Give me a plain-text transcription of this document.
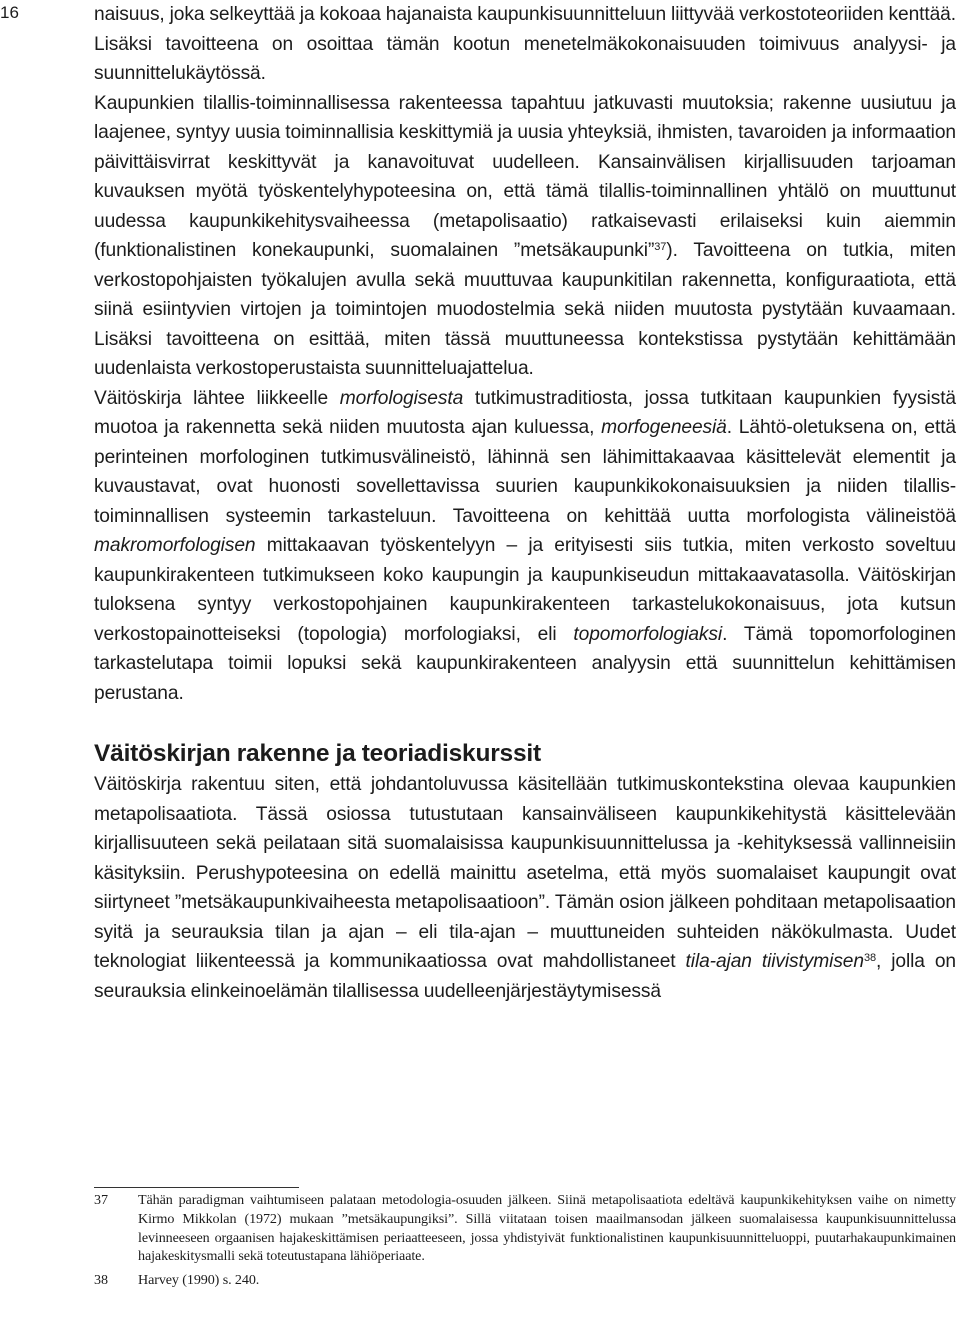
16	naisuus, joka selkeyttää ja kokoaa hajanaista kaupunkisuunnitteluun liittyvää verkostoteoriiden kenttää. Lisäksi tavoitteena on osoittaa tämän kootun menetelmäkokonaisuuden toimivuus analyysi- ja suunnittelukäytössä.

Kaupunkien tilallis-toiminnallisessa rakenteessa tapahtuu jatkuvasti muutoksia; rakenne uusiutuu ja laajenee, syntyy uusia toiminnallisia keskittymiä ja uusia yhteyksiä, ihmisten, tavaroiden ja informaation päivittäisvirrat keskittyvät ja kanavoituvat uudelleen. Kansainvälisen kirjallisuuden tarjoaman kuvauksen myötä työskentelyhypoteesina on, että tämä tilallis-toiminnallinen yhtälö on muuttunut uudessa kaupunkikehitysvaiheessa (metapolisaatio) ratkaisevasti erilaiseksi kuin aiemmin (funktionalistinen konekaupunki, suomalainen ”metsäkaupunki”$^{37}$). Tavoitteena on tutkia, miten verkostopohjaisten työkalujen avulla sekä muuttuvaa kaupunkitilan rakennetta, konfiguraatiota, että siinä esiintyvien virtojen ja toimintojen muodostelmia sekä niiden muutosta pystytään kuvaamaan. Lisäksi tavoitteena on esittää, miten tässä muuttuneessa kontekstissa pystytään kehittämään uudenlaista verkostoperustaista suunnitteluajattelua.

Väitöskirja lähtee liikkeelle morfologisesta tutkimustraditiosta, jossa tutkitaan kaupunkien fyysistä muotoa ja rakennetta sekä niiden muutosta ajan kuluessa, morfogeneesiä. Lähtö-oletuksena on, että perinteinen morfologinen tutkimusvälineistö, lähinnä sen lähimittakaavaa käsittelevät elementit ja kuvaustavat, ovat huonosti sovellettavissa suurien kaupunkikokonaisuuksien ja niiden tilallis-toiminnallisen systeemin tarkasteluun. Tavoitteena on kehittää uutta morfologista välineistöä makromorfologisen mittakaavan työskentelyyn – ja erityisesti siis tutkia, miten verkosto soveltuu kaupunkirakenteen tutkimukseen koko kaupungin ja kaupunkiseudun mittakaavatasolla. Väitöskirjan tuloksena syntyy verkostopohjainen kaupunkirakenteen tarkastelukokonaisuus, jota kutsun verkostopainotteiseksi (topologia) morfologiaksi, eli topomorfologiaksi. Tämä topomorfologinen tarkastelutapa toimii lopuksi sekä kaupunkirakenteen analyysin että suunnittelun kehittämisen perustana.

Väitöskirjan rakenne ja teoriadiskurssit

Väitöskirja rakentuu siten, että johdantoluvussa käsitellään tutkimuskontekstina olevaa kaupunkien metapolisaatiota. Tässä osiossa tutustutaan kansainväliseen kaupunkikehitystä käsittelevään kirjallisuuteen sekä peilataan sitä suomalaisissa kaupunkisuunnittelussa ja -kehityksessä vallinneisiin käsityksiin. Perushypoteesina on edellä mainittu asetelma, että myös suomalaiset kaupungit ovat siirtyneet ”metsäkaupunkivaiheesta metapolisaatioon”. Tämän osion jälkeen pohditaan metapolisaation syitä ja seurauksia tilan ja ajan – eli tila-ajan – muuttuneiden suhteiden näkökulmasta. Uudet teknologiat liikenteessä ja kommunikaatiossa ovat mahdollistaneet tila-ajan tiivistymisen$^{38}$, jolla on seurauksia elinkeinoelämän tilallisessa uudelleenjärjestäytymisessä

37	Tähän paradigman vaihtumiseen palataan metodologia-osuuden jälkeen. Siinä metapolisaatiota edeltävä kaupunkikehityksen vaihe on nimetty Kirmo Mikkolan (1972) mukaan ”metsäkaupungiksi”. Sillä viitataan toisen maailmansodan jälkeen suomalaisessa kaupunkisuunnittelussa levinneeseen orgaanisen hajakeskittämisen periaatteeseen, jossa yhdistyivät funktionalistinen kaupunkisuunnitteluoppi, puutarhakaupunkimainen hajakeskitysmalli sekä toteutustapana lähiöperiaate.
38	Harvey (1990) s. 240.
